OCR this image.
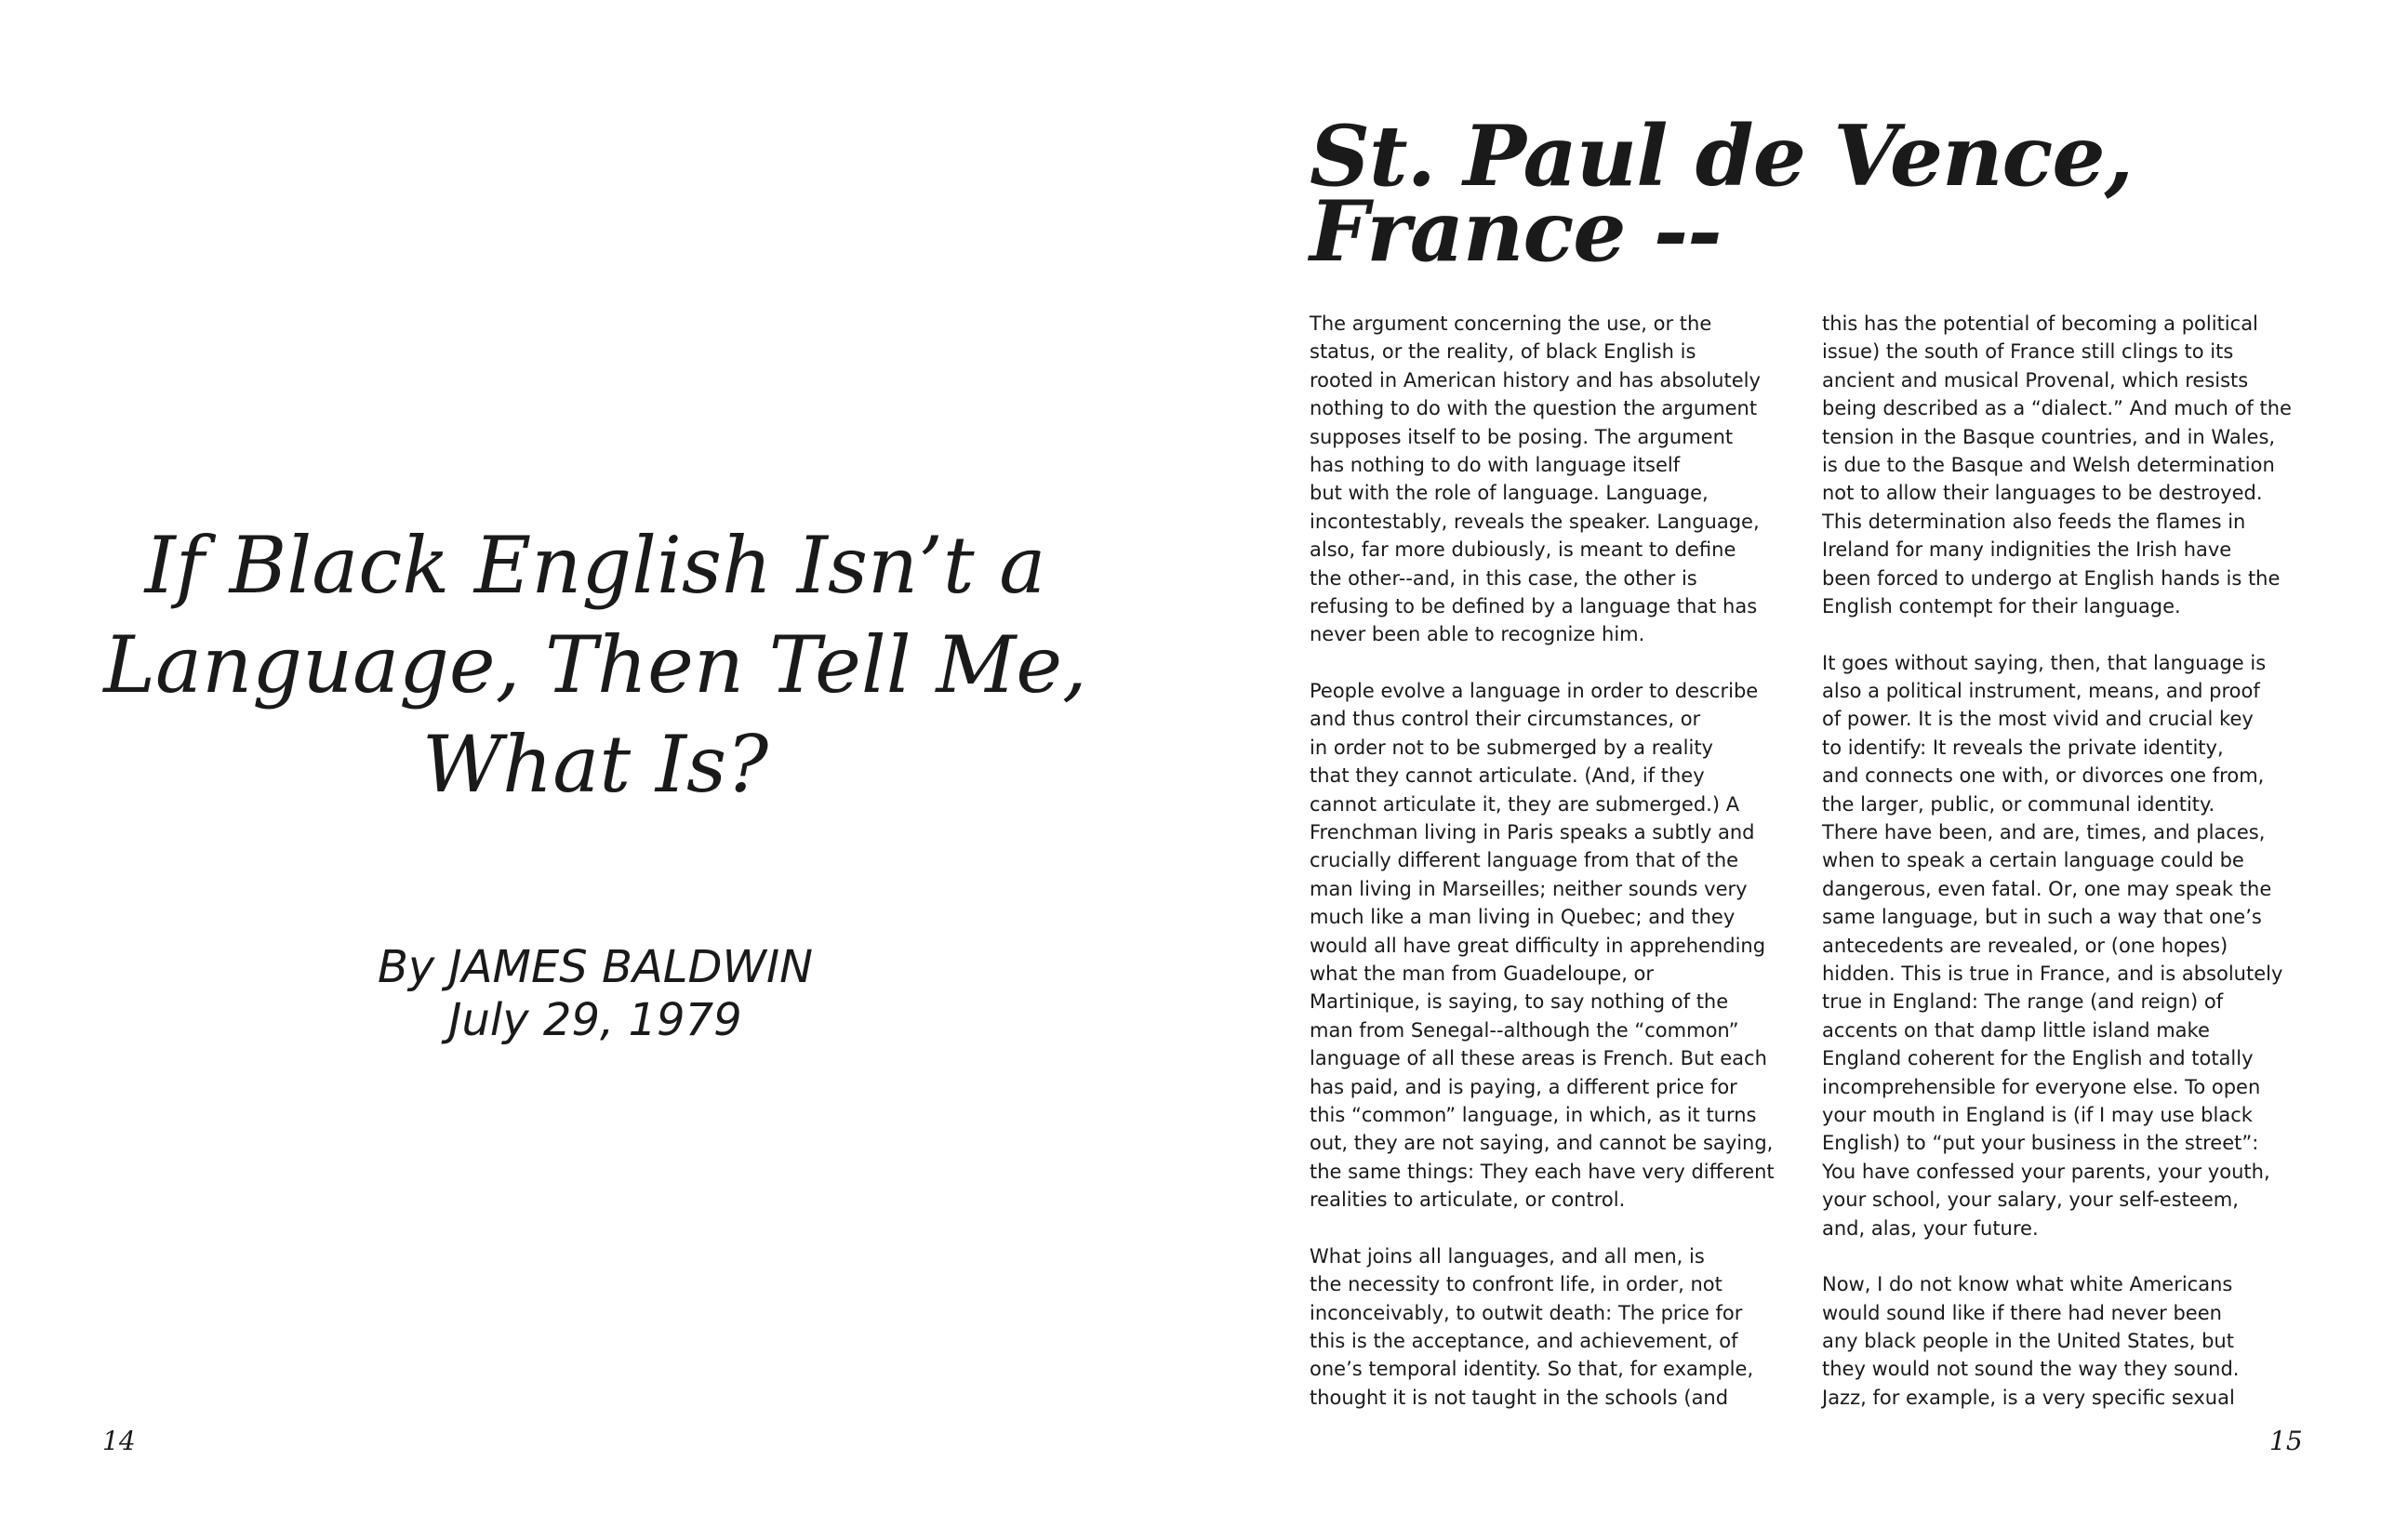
If Black English Isn’t a
Language, Then Tell Me,
What Is?
By JAMES BALDWIN
July 29, 1979
14
St. Paul de Vence,
France --
The argument concerning the use, or the
status, or the reality, of black English is
rooted in American history and has absolutely
nothing to do with the question the argument
supposes itself to be posing. The argument
has nothing to do with language itself
but with the role of language. Language,
incontestably, reveals the speaker. Language,
also, far more dubiously, is meant to define
the other--and, in this case, the other is
refusing to be defined by a language that has
never been able to recognize him.
People evolve a language in order to describe
and thus control their circumstances, or
in order not to be submerged by a reality
that they cannot articulate. (And, if they
cannot articulate it, they are submerged.) A
Frenchman living in Paris speaks a subtly and
crucially different language from that of the
man living in Marseilles; neither sounds very
much like a man living in Quebec; and they
would all have great difficulty in apprehending
what the man from Guadeloupe, or
Martinique, is saying, to say nothing of the
man from Senegal--although the “common”
language of all these areas is French. But each
has paid, and is paying, a different price for
this “common” language, in which, as it turns
out, they are not saying, and cannot be saying,
the same things: They each have very different
realities to articulate, or control.
What joins all languages, and all men, is
the necessity to confront life, in order, not
inconceivably, to outwit death: The price for
this is the acceptance, and achievement, of
one’s temporal identity. So that, for example,
thought it is not taught in the schools (and
this has the potential of becoming a political
issue) the south of France still clings to its
ancient and musical Provenal, which resists
being described as a “dialect.” And much of the
tension in the Basque countries, and in Wales,
is due to the Basque and Welsh determination
not to allow their languages to be destroyed.
This determination also feeds the flames in
Ireland for many indignities the Irish have
been forced to undergo at English hands is the
English contempt for their language.
It goes without saying, then, that language is
also a political instrument, means, and proof
of power. It is the most vivid and crucial key
to identify: It reveals the private identity,
and connects one with, or divorces one from,
the larger, public, or communal identity.
There have been, and are, times, and places,
when to speak a certain language could be
dangerous, even fatal. Or, one may speak the
same language, but in such a way that one’s
antecedents are revealed, or (one hopes)
hidden. This is true in France, and is absolutely
true in England: The range (and reign) of
accents on that damp little island make
England coherent for the English and totally
incomprehensible for everyone else. To open
your mouth in England is (if I may use black
English) to “put your business in the street”:
You have confessed your parents, your youth,
your school, your salary, your self-esteem,
and, alas, your future.
Now, I do not know what white Americans
would sound like if there had never been
any black people in the United States, but
they would not sound the way they sound.
Jazz, for example, is a very specific sexual
15
